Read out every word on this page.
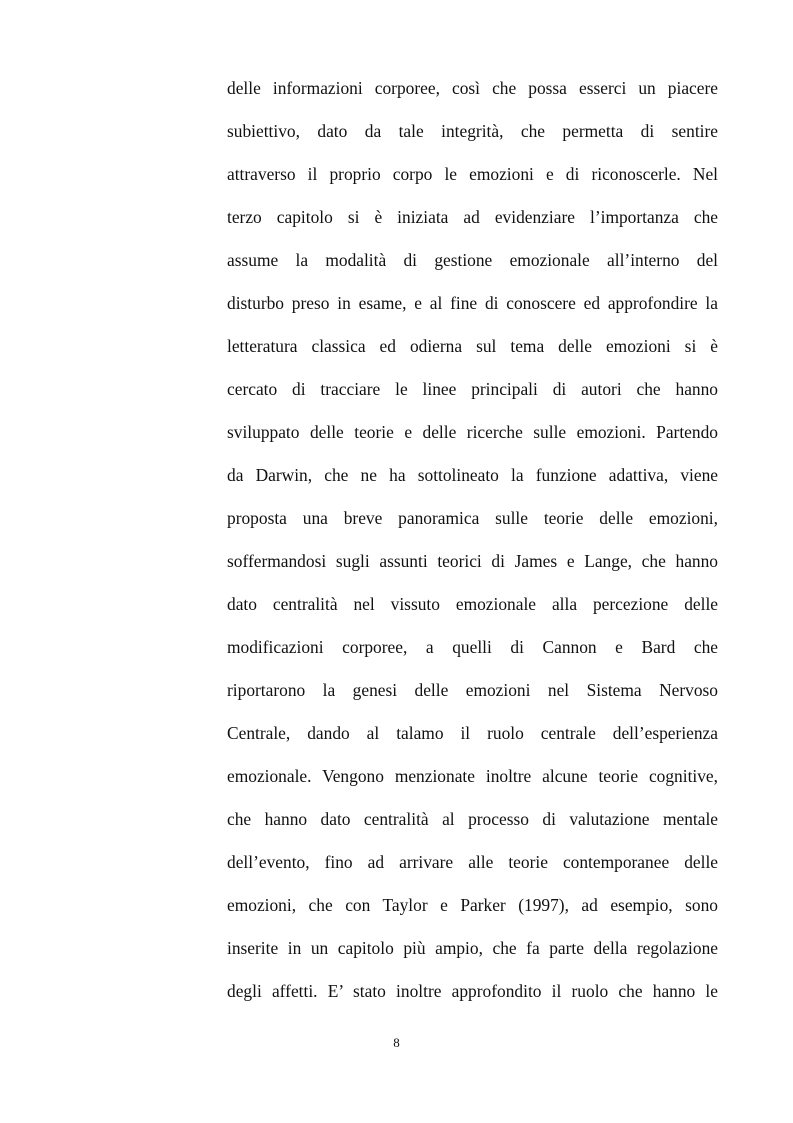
delle informazioni corporee, così che possa esserci un piacere
subiettivo, dato da tale integrità, che permetta di sentire
attraverso il proprio corpo le emozioni e di riconoscerle. Nel
terzo capitolo si è iniziata ad evidenziare l’importanza che
assume la modalità di gestione emozionale all’interno del
disturbo preso in esame, e al fine di conoscere ed approfondire la
letteratura classica ed odierna sul tema delle emozioni si è
cercato di tracciare le linee principali di autori che hanno
sviluppato delle teorie e delle ricerche sulle emozioni. Partendo
da Darwin, che ne ha sottolineato la funzione adattiva, viene
proposta una breve panoramica sulle teorie delle emozioni,
soffermandosi sugli assunti teorici di James e Lange, che hanno
dato centralità nel vissuto emozionale alla percezione delle
modificazioni corporee, a quelli di Cannon e Bard che
riportarono la genesi delle emozioni nel Sistema Nervoso
Centrale, dando al talamo il ruolo centrale dell’esperienza
emozionale. Vengono menzionate inoltre alcune teorie cognitive,
che hanno dato centralità al processo di valutazione mentale
dell’evento, fino ad arrivare alle teorie contemporanee delle
emozioni, che con Taylor e Parker (1997), ad esempio, sono
inserite in un capitolo più ampio, che fa parte della regolazione
degli affetti. E’ stato inoltre approfondito il ruolo che hanno le
8
